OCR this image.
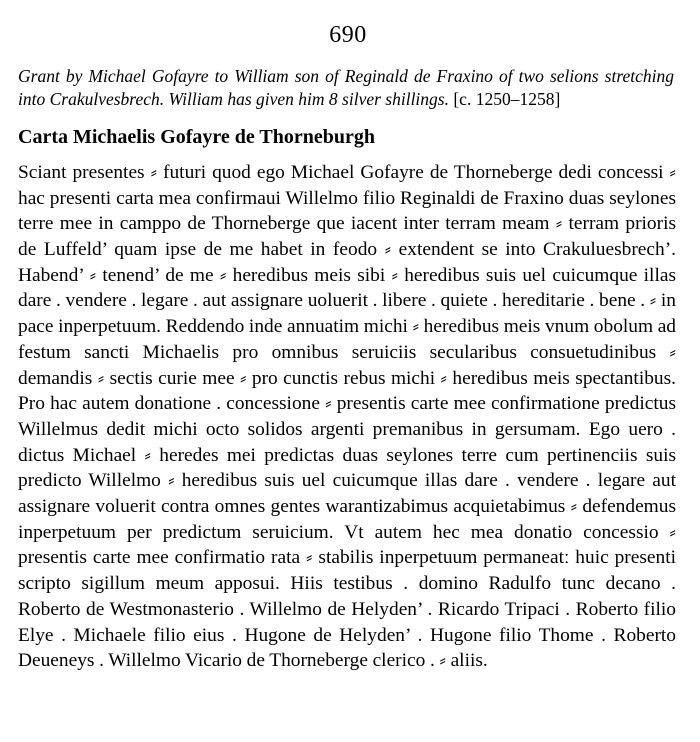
690

Grant by Michael Gofayre to William son of Reginald de Fraxino of two selions stretching into Crakulvesbrech. William has given him 8 silver shillings. [c. 1250–1258]

Carta Michaelis Gofayre de Thorneburgh

Sciant presentes ⸗ futuri quod ego Michael Gofayre de Thorneberge dedi concessi ⸗ hac presenti carta mea confirmaui Willelmo filio Reginaldi de Fraxino duas seylones terre mee in camppo de Thorneberge que iacent inter terram meam ⸗ terram prioris de Luffeld’ quam ipse de me habet in feodo ⸗ extendent se into Crakuluesbrech’. Habend’ ⸗ tenend’ de me ⸗ heredibus meis sibi ⸗ heredibus suis uel cuicumque illas dare . vendere . legare . aut assignare uoluerit . libere . quiete . hereditarie . bene . ⸗ in pace inperpetuum. Reddendo inde annuatim michi ⸗ heredibus meis vnum obolum ad festum sancti Michaelis pro omnibus seruiciis secularibus consuetudinibus ⸗ demandis ⸗ sectis curie mee ⸗ pro cunctis rebus michi ⸗ heredibus meis spectantibus. Pro hac autem donatione . concessione ⸗ presentis carte mee confirmatione predictus Willelmus dedit michi octo solidos argenti premanibus in gersumam. Ego uero . dictus Michael ⸗ heredes mei predictas duas seylones terre cum pertinenciis suis predicto Willelmo ⸗ heredibus suis uel cuicumque illas dare . vendere . legare aut assignare voluerit contra omnes gentes warantizabimus acquietabimus ⸗ defendemus inperpetuum per predictum seruicium. Vt autem hec mea donatio concessio ⸗ presentis carte mee confirmatio rata ⸗ stabilis inperpetuum permaneatː huic presenti scripto sigillum meum apposui. Hiis testibus . domino Radulfo tunc decano . Roberto de Westmonasterio . Willelmo de Helyden’ . Ricardo Tripaci . Roberto filio Elye . Michaele filio eius . Hugone de Helyden’ . Hugone filio Thome . Roberto Deueneys . Willelmo Vicario de Thorneberge clerico . ⸗ aliis.
